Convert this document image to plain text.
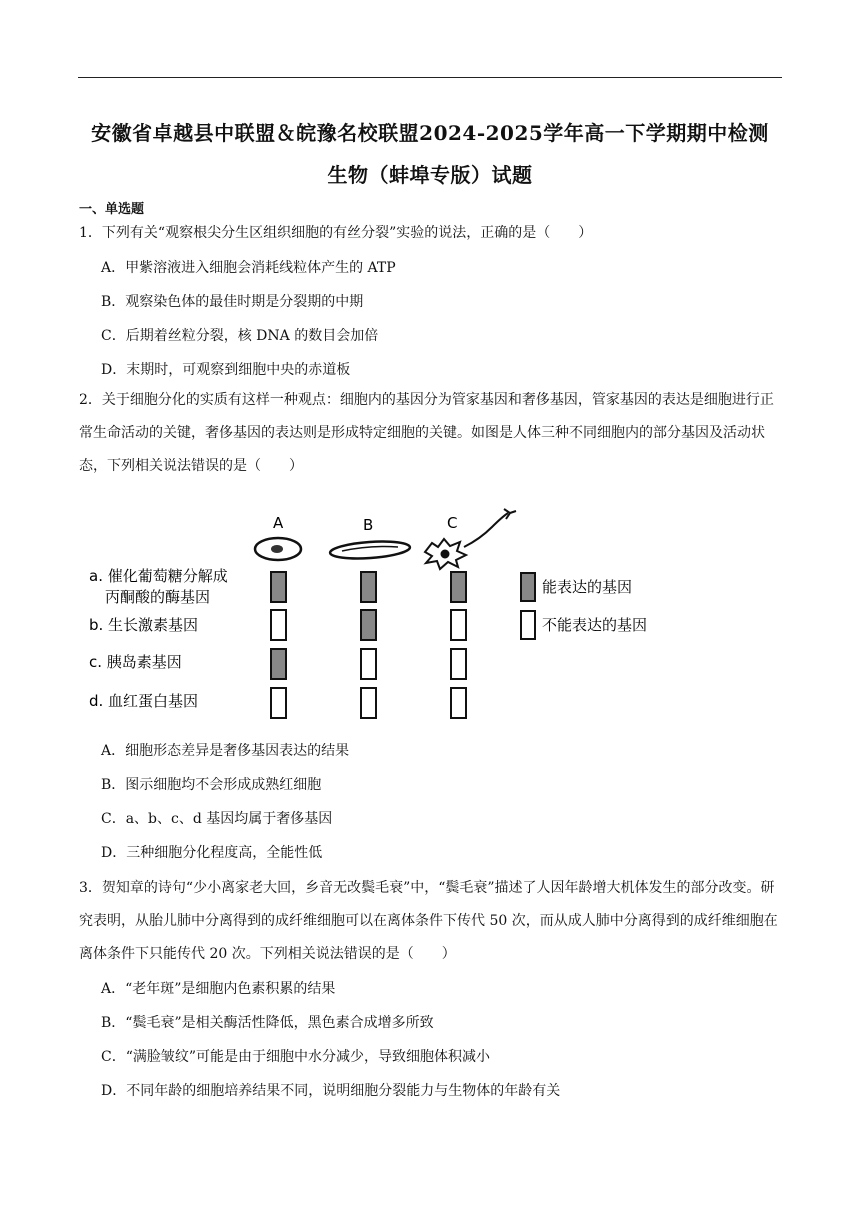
安徽省卓越县中联盟＆皖豫名校联盟2024-2025学年高一下学期期中检测
生物（蚌埠专版）试题
一、单选题
1．下列有关“观察根尖分生区组织细胞的有丝分裂”实验的说法，正确的是（　　）
A．甲紫溶液进入细胞会消耗线粒体产生的 ATP
B．观察染色体的最佳时期是分裂期的中期
C．后期着丝粒分裂，核 DNA 的数目会加倍
D．末期时，可观察到细胞中央的赤道板
2．关于细胞分化的实质有这样一种观点：细胞内的基因分为管家基因和奢侈基因，管家基因的表达是细胞进行正常生命活动的关键，奢侈基因的表达则是形成特定细胞的关键。如图是人体三种不同细胞内的部分基因及活动状态，下列相关说法错误的是（　　）
A	B	C
a. 催化葡萄糖分解成
丙酮酸的酶基因
b. 生长激素基因
c. 胰岛素基因
d. 血红蛋白基因
能表达的基因
不能表达的基因
A．细胞形态差异是奢侈基因表达的结果
B．图示细胞均不会形成成熟红细胞
C．a、b、c、d 基因均属于奢侈基因
D．三种细胞分化程度高，全能性低
3．贺知章的诗句“少小离家老大回，乡音无改鬓毛衰”中，“鬓毛衰”描述了人因年龄增大机体发生的部分改变。研究表明，从胎儿肺中分离得到的成纤维细胞可以在离体条件下传代 50 次，而从成人肺中分离得到的成纤维细胞在离体条件下只能传代 20 次。下列相关说法错误的是（　　）
A．“老年斑”是细胞内色素积累的结果
B．“鬓毛衰”是相关酶活性降低，黑色素合成增多所致
C．“满脸皱纹”可能是由于细胞中水分减少，导致细胞体积减小
D．不同年龄的细胞培养结果不同，说明细胞分裂能力与生物体的年龄有关
